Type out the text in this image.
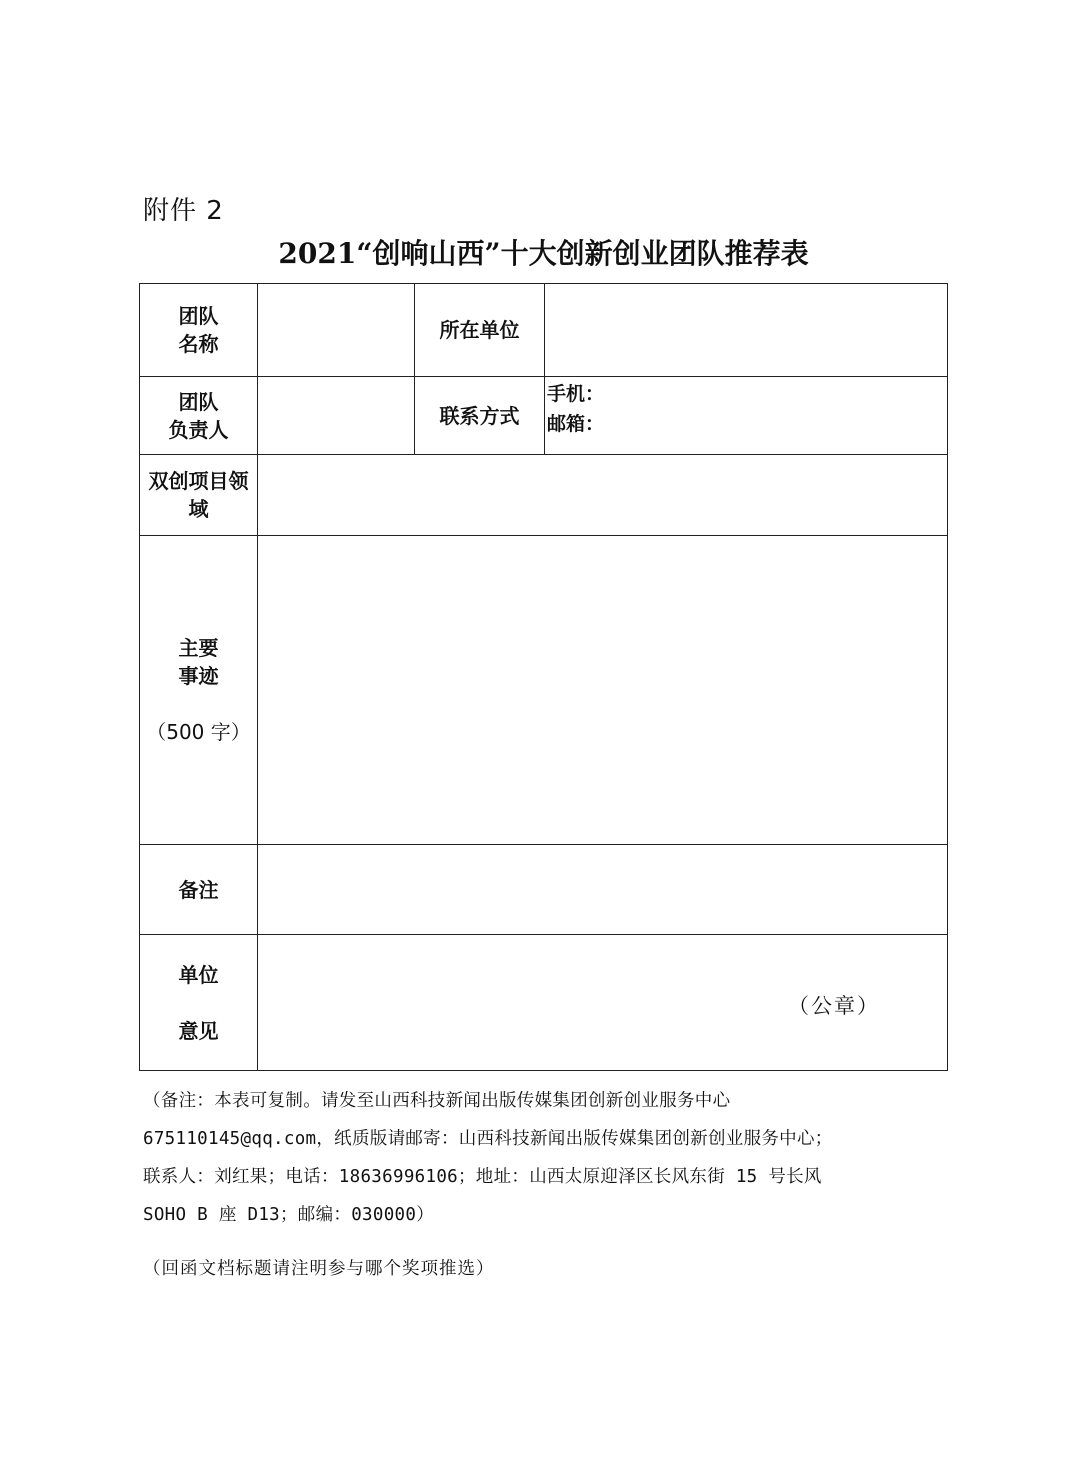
附件 2
2021“创响山西”十大创新创业团队推荐表
团队
名称
所在单位
团队
负责人
联系方式
手机：
邮箱：
双创项目领
域
主要
事迹
（500 字）
备注
单位
意见
（公章）

（备注：本表可复制。请发至山西科技新闻出版传媒集团创新创业服务中心

675110145@qq.com，纸质版请邮寄：山西科技新闻出版传媒集团创新创业服务中心；

联系人：刘红果；电话：18636996106；地址：山西太原迎泽区长风东街 15 号长风

SOHO B 座 D13；邮编：030000）

（回函文档标题请注明参与哪个奖项推选）
